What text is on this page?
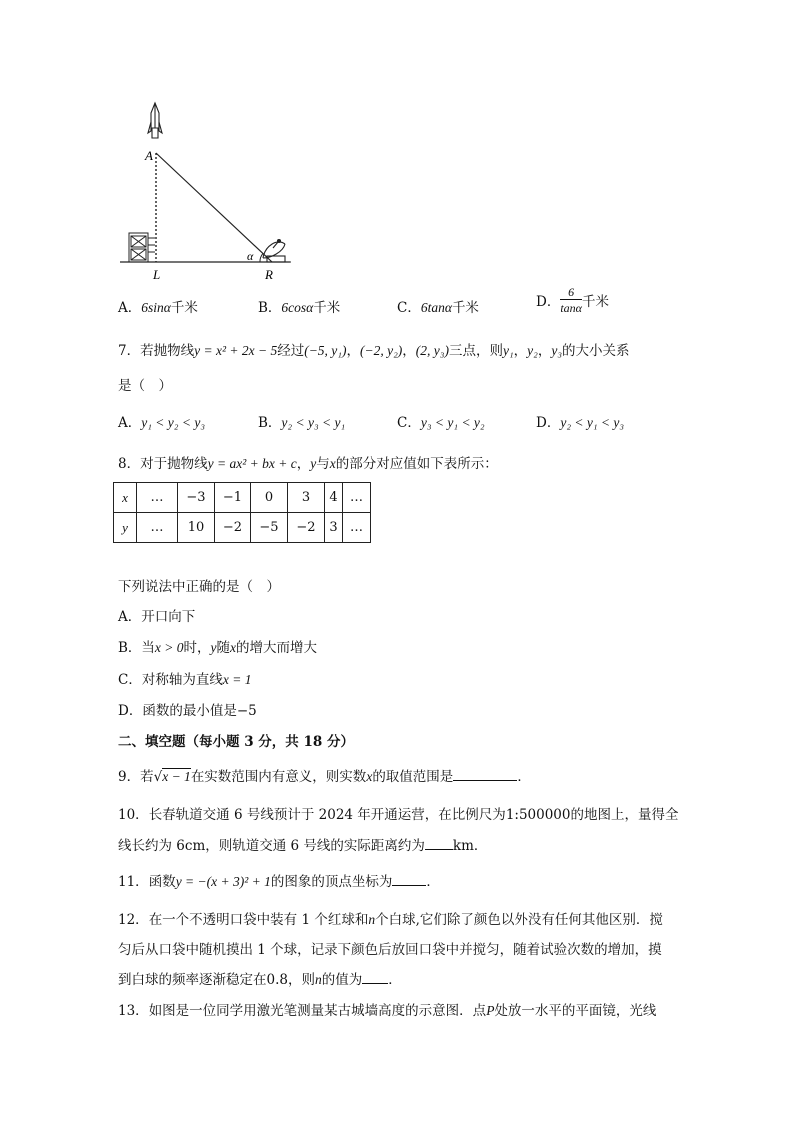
A
L	R
α
A．6sinα千米	B．6cosα千米	C．6tanα千米	D． $\frac{6}{\tan\alpha}$ 千米
7．若抛物线y = x² + 2x − 5经过(−5, y₁)，(−2, y₂)，(2, y₃)三点，则y₁，y₂，y₃的大小关系
是（　）
A．y₁ < y₂ < y₃	B．y₂ < y₃ < y₁	C．y₃ < y₁ < y₂	D．y₂ < y₁ < y₃
8．对于抛物线y = ax² + bx + c，y与x的部分对应值如下表所示：
x	…	−3	−1	0	3	4	…
y	…	10	−2	−5	−2	3	…
下列说法中正确的是（　）
A．开口向下
B．当x > 0时，y随x的增大而增大
C．对称轴为直线x = 1
D．函数的最小值是−5
二、填空题（每小题 3 分，共 18 分）
9．若√x − 1在实数范围内有意义，则实数x的取值范围是	．
10．长春轨道交通 6 号线预计于 2024 年开通运营，在比例尺为1:500000的地图上，量得全
线长约为 6cm，则轨道交通 6 号线的实际距离约为 km．
11．函数y = −(x + 3)² + 1的图象的顶点坐标为	．
12．在一个不透明口袋中装有 1 个红球和n个白球,它们除了颜色以外没有任何其他区别．搅
匀后从口袋中随机摸出 1 个球，记录下颜色后放回口袋中并搅匀，随着试验次数的增加，摸
到白球的频率逐渐稳定在0.8，则n的值为 ．
13．如图是一位同学用激光笔测量某古城墙高度的示意图．点P处放一水平的平面镜，光线
